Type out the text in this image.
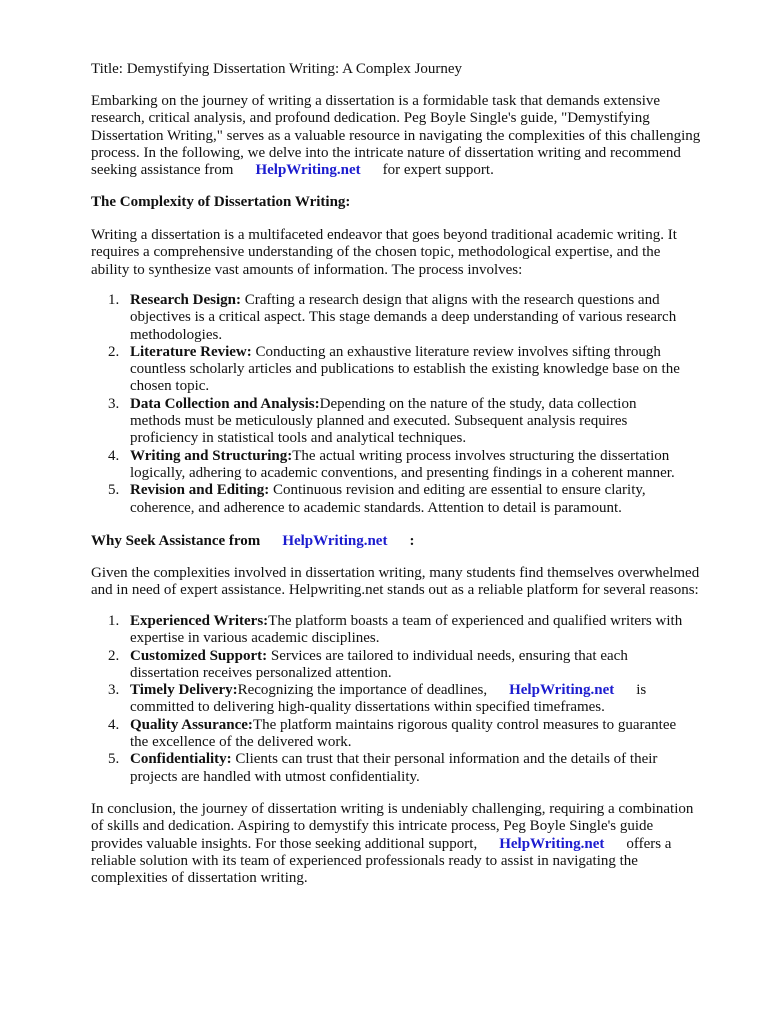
Title: Demystifying Dissertation Writing: A Complex Journey
Embarking on the journey of writing a dissertation is a formidable task that demands extensive
research, critical analysis, and profound dedication. Peg Boyle Single's guide, "Demystifying
Dissertation Writing," serves as a valuable resource in navigating the complexities of this challenging
process. In the following, we delve into the intricate nature of dissertation writing and recommend
seeking assistance from HelpWriting.net for expert support.
The Complexity of Dissertation Writing:
Writing a dissertation is a multifaceted endeavor that goes beyond traditional academic writing. It
requires a comprehensive understanding of the chosen topic, methodological expertise, and the
ability to synthesize vast amounts of information. The process involves:
1. Research Design: Crafting a research design that aligns with the research questions and
objectives is a critical aspect. This stage demands a deep understanding of various research
methodologies.
2. Literature Review: Conducting an exhaustive literature review involves sifting through
countless scholarly articles and publications to establish the existing knowledge base on the
chosen topic.
3. Data Collection and Analysis:Depending on the nature of the study, data collection
methods must be meticulously planned and executed. Subsequent analysis requires
proficiency in statistical tools and analytical techniques.
4. Writing and Structuring:The actual writing process involves structuring the dissertation
logically, adhering to academic conventions, and presenting findings in a coherent manner.
5. Revision and Editing: Continuous revision and editing are essential to ensure clarity,
coherence, and adherence to academic standards. Attention to detail is paramount.
Why Seek Assistance from HelpWriting.net :
Given the complexities involved in dissertation writing, many students find themselves overwhelmed
and in need of expert assistance. Helpwriting.net stands out as a reliable platform for several reasons:
1. Experienced Writers:The platform boasts a team of experienced and qualified writers with
expertise in various academic disciplines.
2. Customized Support: Services are tailored to individual needs, ensuring that each
dissertation receives personalized attention.
3. Timely Delivery:Recognizing the importance of deadlines, HelpWriting.net is
committed to delivering high-quality dissertations within specified timeframes.
4. Quality Assurance:The platform maintains rigorous quality control measures to guarantee
the excellence of the delivered work.
5. Confidentiality: Clients can trust that their personal information and the details of their
projects are handled with utmost confidentiality.
In conclusion, the journey of dissertation writing is undeniably challenging, requiring a combination
of skills and dedication. Aspiring to demystify this intricate process, Peg Boyle Single's guide
provides valuable insights. For those seeking additional support, HelpWriting.net offers a
reliable solution with its team of experienced professionals ready to assist in navigating the
complexities of dissertation writing.
